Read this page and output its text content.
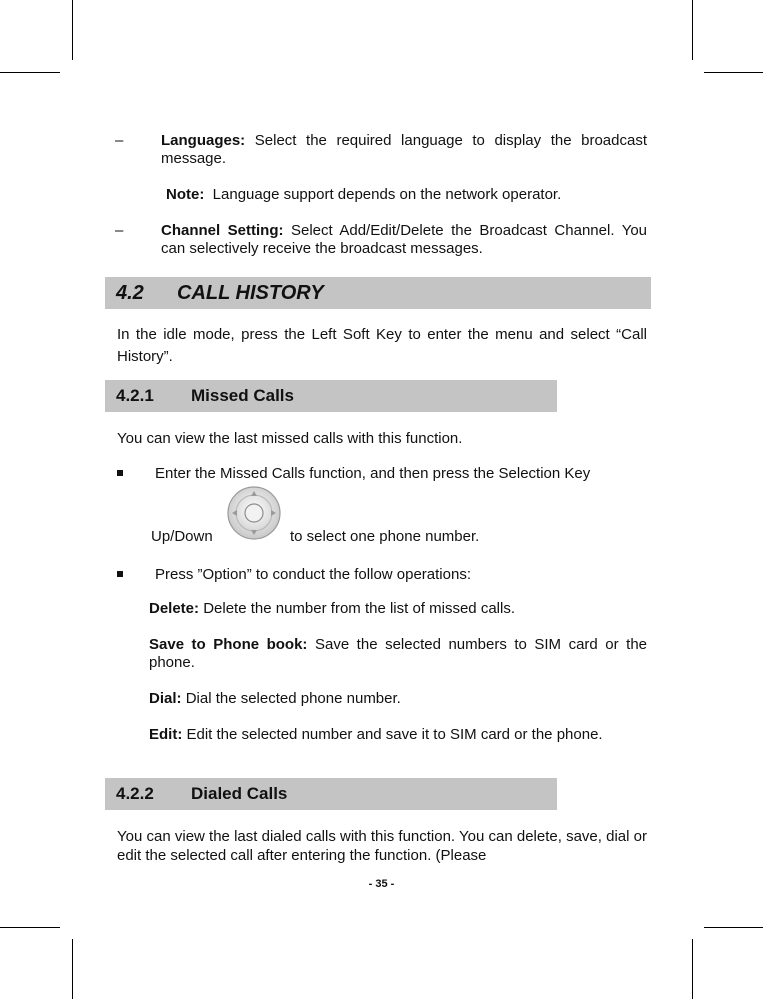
–	Languages: Select the required language to display the broadcast message.
Note: Language support depends on the network operator.
–	Channel Setting: Select Add/Edit/Delete the Broadcast Channel. You can selectively receive the broadcast messages.
4.2 CALL HISTORY
In the idle mode, press the Left Soft Key to enter the menu and select “Call History”.
4.2.1 Missed Calls
You can view the last missed calls with this function.
Enter the Missed Calls function, and then press the Selection Key
Up/Down	to select one phone number.
Press ”Option” to conduct the follow operations:
Delete: Delete the number from the list of missed calls.
Save to Phone book: Save the selected numbers to SIM card or the phone.
Dial: Dial the selected phone number.
Edit: Edit the selected number and save it to SIM card or the phone.
4.2.2 Dialed Calls
You can view the last dialed calls with this function. You can delete, save, dial or edit the selected call after entering the function. (Please
- 35 -
